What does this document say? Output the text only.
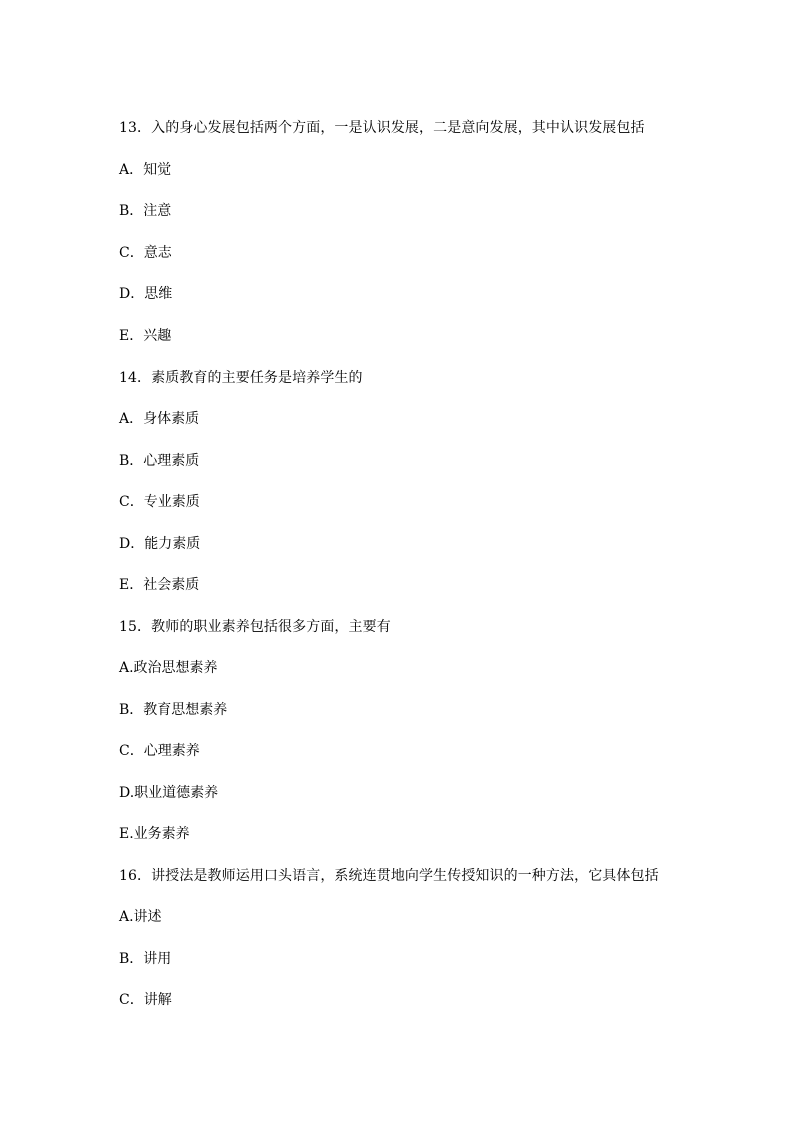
13．入的身心发展包括两个方面，一是认识发展，二是意向发展，其中认识发展包括

A．知觉

B．注意

C．意志

D．思维

E．兴趣

14．素质教育的主要任务是培养学生的

A．身体素质

B．心理素质

C．专业素质

D．能力素质

E．社会素质

15．教师的职业素养包括很多方面，主要有

A.政治思想素养

B．教育思想素养

C．心理素养

D.职业道德素养

E.业务素养

16．讲授法是教师运用口头语言，系统连贯地向学生传授知识的一种方法，它具体包括

A.讲述

B．讲用

C．讲解
